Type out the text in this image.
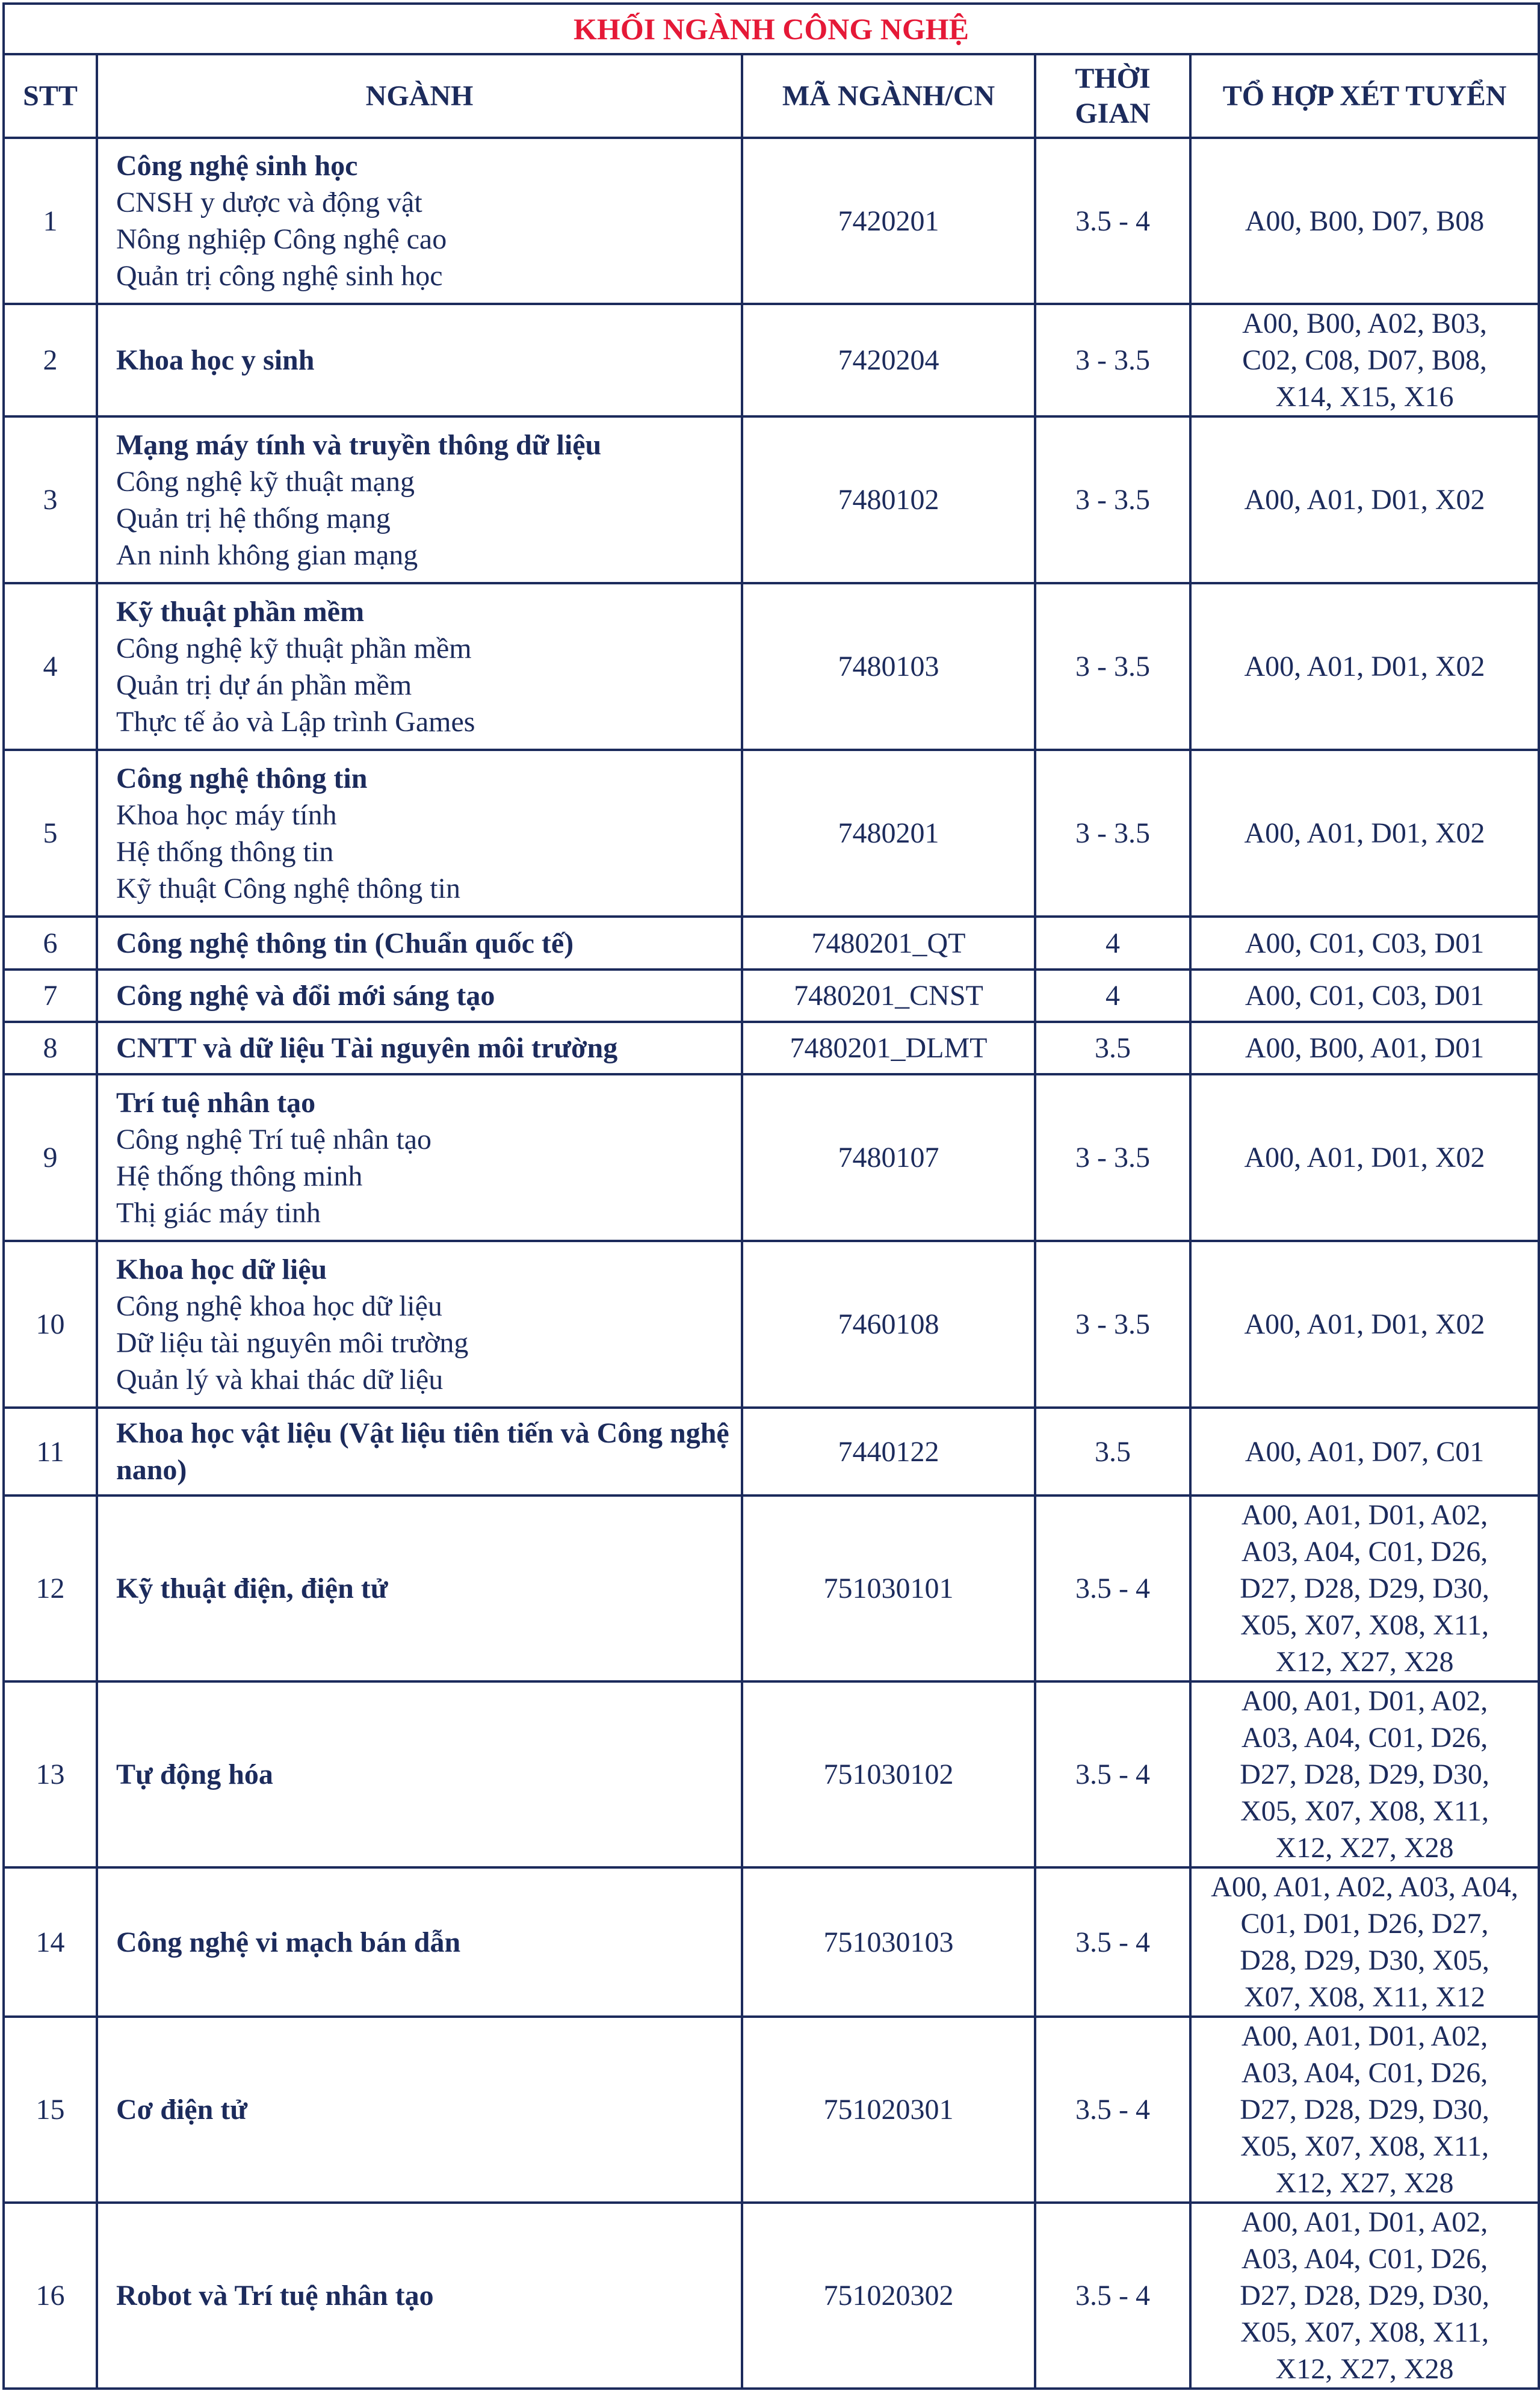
KHỐI NGÀNH CÔNG NGHỆ				
STT	NGÀNH	MÃ NGÀNH/CN	THỜI
GIAN	TỔ HỢP XÉT TUYỂN
1	Công nghệ sinh học
CNSH y dược và động vật
Nông nghiệp Công nghệ cao
Quản trị công nghệ sinh học	7420201	3.5 - 4	A00, B00, D07, B08

2	Khoa học y sinh	7420204	3 - 3.5	A00, B00, A02, B03,
C02, C08, D07, B08,
X14, X15, X16

3	Mạng máy tính và truyền thông dữ liệu
Công nghệ kỹ thuật mạng
Quản trị hệ thống mạng
An ninh không gian mạng	7480102	3 - 3.5	A00, A01, D01, X02

4	Kỹ thuật phần mềm
Công nghệ kỹ thuật phần mềm
Quản trị dự án phần mềm
Thực tế ảo và Lập trình Games	7480103	3 - 3.5	A00, A01, D01, X02

5	Công nghệ thông tin
Khoa học máy tính
Hệ thống thông tin
Kỹ thuật Công nghệ thông tin	7480201	3 - 3.5	A00, A01, D01, X02

6	Công nghệ thông tin (Chuẩn quốc tế)	7480201_QT	4	A00, C01, C03, D01

7	Công nghệ và đổi mới sáng tạo	7480201_CNST	4	A00, C01, C03, D01

8	CNTT và dữ liệu Tài nguyên môi trường	7480201_DLMT	3.5	A00, B00, A01, D01

9	Trí tuệ nhân tạo
Công nghệ Trí tuệ nhân tạo
Hệ thống thông minh
Thị giác máy tinh	7480107	3 - 3.5	A00, A01, D01, X02

10	Khoa học dữ liệu
Công nghệ khoa học dữ liệu
Dữ liệu tài nguyên môi trường
Quản lý và khai thác dữ liệu	7460108	3 - 3.5	A00, A01, D01, X02

11	Khoa học vật liệu (Vật liệu tiên tiến và Công nghệ nano)	7440122	3.5	A00, A01, D07, C01

12	Kỹ thuật điện, điện tử	751030101	3.5 - 4	A00, A01, D01, A02,
A03, A04, C01, D26,
D27, D28, D29, D30,
X05, X07, X08, X11,
X12, X27, X28

13	Tự động hóa	751030102	3.5 - 4	A00, A01, D01, A02,
A03, A04, C01, D26,
D27, D28, D29, D30,
X05, X07, X08, X11,
X12, X27, X28

14	Công nghệ vi mạch bán dẫn	751030103	3.5 - 4	A00, A01, A02, A03, A04,
C01, D01, D26, D27,
D28, D29, D30, X05,
X07, X08, X11, X12

15	Cơ điện tử	751020301	3.5 - 4	A00, A01, D01, A02,
A03, A04, C01, D26,
D27, D28, D29, D30,
X05, X07, X08, X11,
X12, X27, X28

16	Robot và Trí tuệ nhân tạo	751020302	3.5 - 4	A00, A01, D01, A02,
A03, A04, C01, D26,
D27, D28, D29, D30,
X05, X07, X08, X11,
X12, X27, X28
